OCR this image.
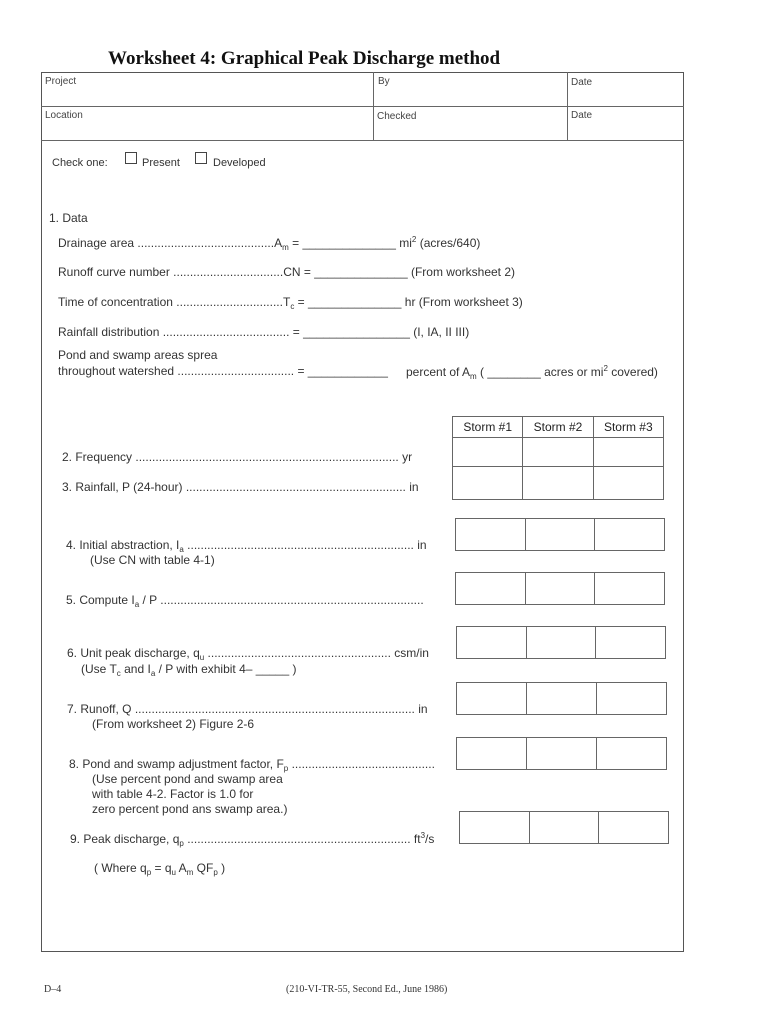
Worksheet 4: Graphical Peak Discharge method
Project	By	Date
Location	Checked	Date
Check one:	Present	Developed
1. Data
Drainage area $.........................................A_m$ = ______________ $mi^2$ (acres/640)
Runoff curve number .................................CN = ______________ (From worksheet 2)
Time of concentration $................................T_c$ = ______________ hr (From worksheet 3)
Rainfall distribution ...................................... = ________________ (I, IA, II III)
Pond and swamp areas sprea
throughout watershed ................................... = ____________ percent of $A_m$ ( ________ acres or $mi^2$ covered)
Storm #1	Storm #2	Storm #3
2. Frequency ............................................................................... yr
3. Rainfall, P (24-hour) .................................................................. in
4. Initial abstraction, $I_a$ .................................................................... in
(Use CN with table 4-1)
5. Compute $I_a$ / P ...............................................................................
6. Unit peak discharge, $q_u$ ....................................................... csm/in
(Use $T_c$ and $I_a$ / P with exhibit 4– _____ )
7. Runoff, Q .................................................................................... in
(From worksheet 2) Figure 2-6
8. Pond and swamp adjustment factor, $F_p$ ...........................................
(Use percent pond and swamp area
with table 4-2. Factor is 1.0 for
zero percent pond ans swamp area.)
9. Peak discharge, $q_p$ ................................................................... $ft^3/s$
( Where $q_p = q_u$ $A_m$ $QF_p$ )
D–4	(210-VI-TR-55, Second Ed., June 1986)
